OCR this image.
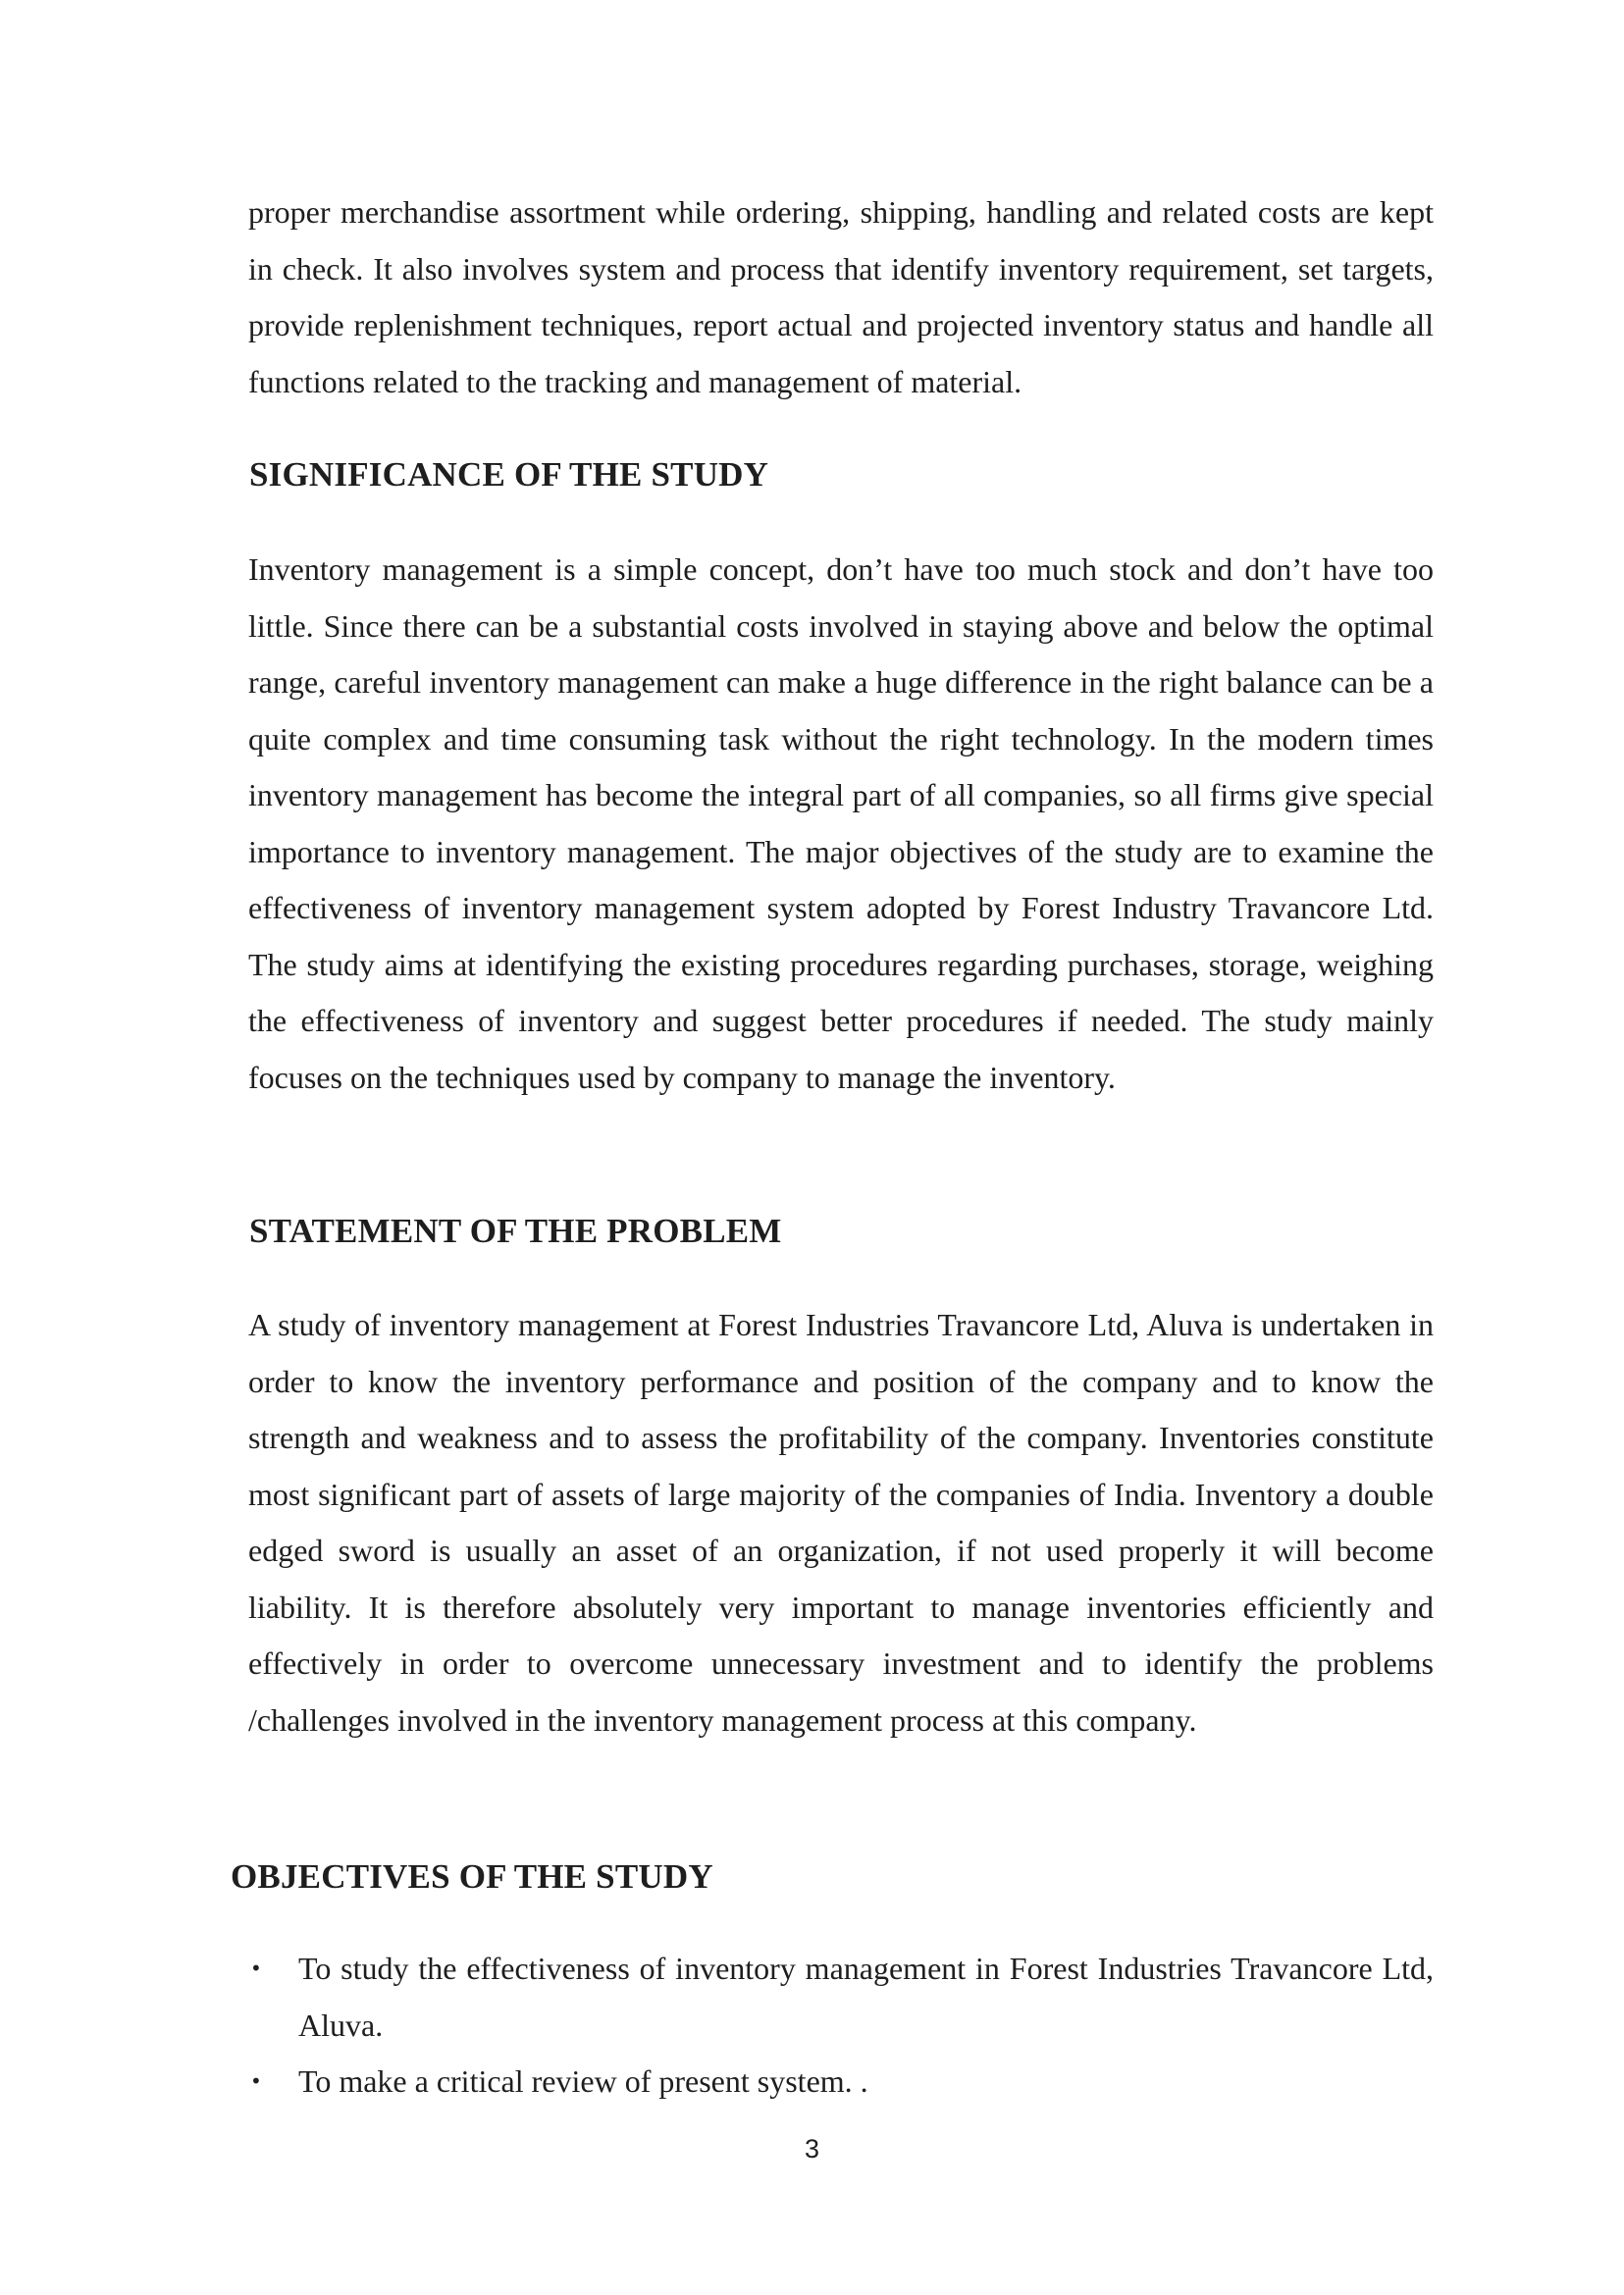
proper merchandise assortment while ordering, shipping, handling and related costs are kept in check. It also involves system and process that identify inventory requirement, set targets, provide replenishment techniques, report actual and projected inventory status and handle all functions related to the tracking and management of material.

SIGNIFICANCE OF THE STUDY

Inventory management is a simple concept, don’t have too much stock and don’t have too little. Since there can be a substantial costs involved in staying above and below the optimal range, careful inventory management can make a huge difference in the right balance can be a quite complex and time consuming task without the right technology. In the modern times inventory management has become the integral part of all companies, so all firms give special importance to inventory management. The major objectives of the study are to examine the effectiveness of inventory management system adopted by Forest Industry Travancore Ltd. The study aims at identifying the existing procedures regarding purchases, storage, weighing the effectiveness of inventory and suggest better procedures if needed. The study mainly focuses on the techniques used by company to manage the inventory.

STATEMENT OF THE PROBLEM

A study of inventory management at Forest Industries Travancore Ltd, Aluva is undertaken in order to know the inventory performance and position of the company and to know the strength and weakness and to assess the profitability of the company. Inventories constitute most significant part of assets of large majority of the companies of India. Inventory a double edged sword is usually an asset of an organization, if not used properly it will become liability. It is therefore absolutely very important to manage inventories efficiently and effectively in order to overcome unnecessary investment and to identify the problems /challenges involved in the inventory management process at this company.

OBJECTIVES OF THE STUDY
• To study the effectiveness of inventory management in Forest Industries Travancore Ltd, Aluva.
• To make a critical review of present system. .
3
